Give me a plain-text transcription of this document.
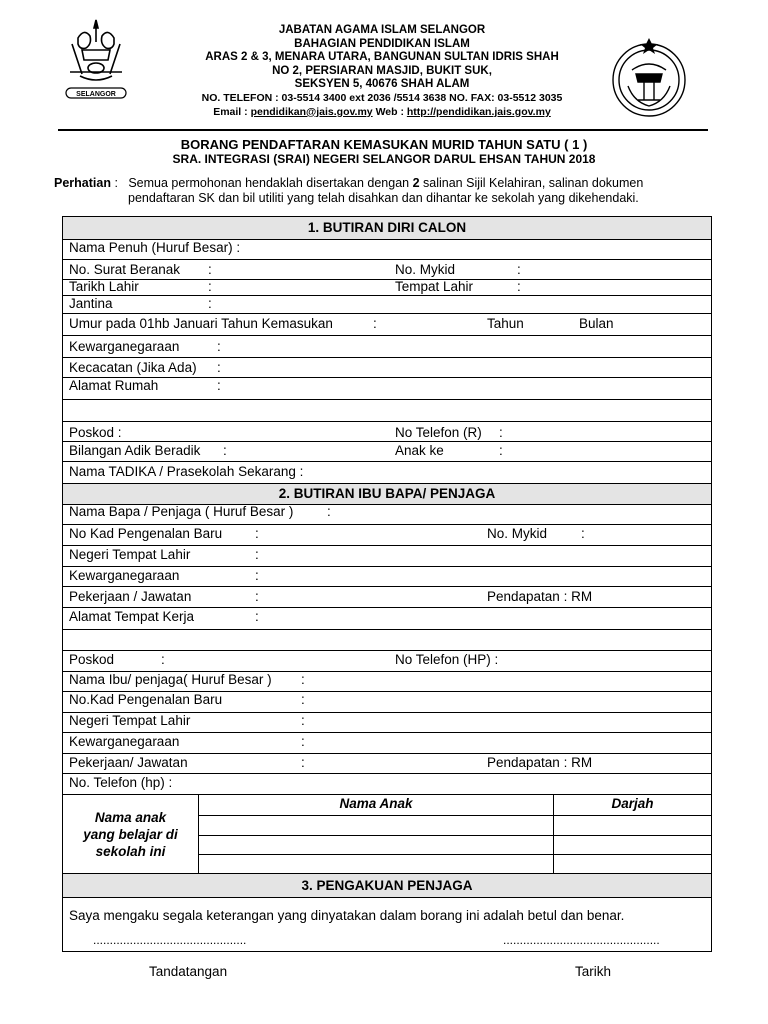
SELANGOR
JABATAN AGAMA ISLAM SELANGOR
BAHAGIAN PENDIDIKAN ISLAM
ARAS 2 & 3, MENARA UTARA, BANGUNAN SULTAN IDRIS SHAH
NO 2, PERSIARAN MASJID, BUKIT SUK,
SEKSYEN 5, 40676 SHAH ALAM
NO. TELEFON : 03-5514 3400 ext 2036 /5514 3638 NO. FAX: 03-5512 3035
Email : pendidikan@jais.gov.my Web : http://pendidikan.jais.gov.my
BORANG PENDAFTARAN KEMASUKAN MURID TAHUN SATU ( 1 )
SRA. INTEGRASI (SRAI) NEGERI SELANGOR DARUL EHSAN TAHUN 2018
Perhatian : Semua permohonan hendaklah disertakan dengan 2 salinan Sijil Kelahiran, salinan dokumen
pendaftaran SK dan bil utiliti yang telah disahkan dan dihantar ke sekolah yang dikehendaki.
1. BUTIRAN DIRI CALON
Nama Penuh (Huruf Besar) :
No. Surat Beranak :	No. Mykid	:
Tarikh Lahir	:	Tempat Lahir	:
Jantina	:
Umur pada 01hb Januari Tahun Kemasukan	:	Tahun	Bulan
Kewarganegaraan	:
Kecacatan (Jika Ada) :
Alamat Rumah	:
Poskod :	No Telefon (R) :
Bilangan Adik Beradik :	Anak ke	:
Nama TADIKA / Prasekolah Sekarang :
2. BUTIRAN IBU BAPA/ PENJAGA
Nama Bapa / Penjaga ( Huruf Besar ) :
No Kad Pengenalan Baru :	No. Mykid	:
Negeri Tempat Lahir	:
Kewarganegaraan	:
Pekerjaan / Jawatan	:	Pendapatan : RM
Alamat Tempat Kerja	:
Poskod	:	No Telefon (HP) :
Nama Ibu/ penjaga( Huruf Besar ) :
No.Kad Pengenalan Baru	:
Negeri Tempat Lahir	:
Kewarganegaraan	:
Pekerjaan/ Jawatan	:	Pendapatan : RM
No. Telefon (hp) :
Nama anak
yang belajar di
sekolah ini
Nama Anak	Darjah
3. PENGAKUAN PENJAGA
Saya mengaku segala keterangan yang dinyatakan dalam borang ini adalah betul dan benar.
..............................................	...............................................
Tandatangan	Tarikh
